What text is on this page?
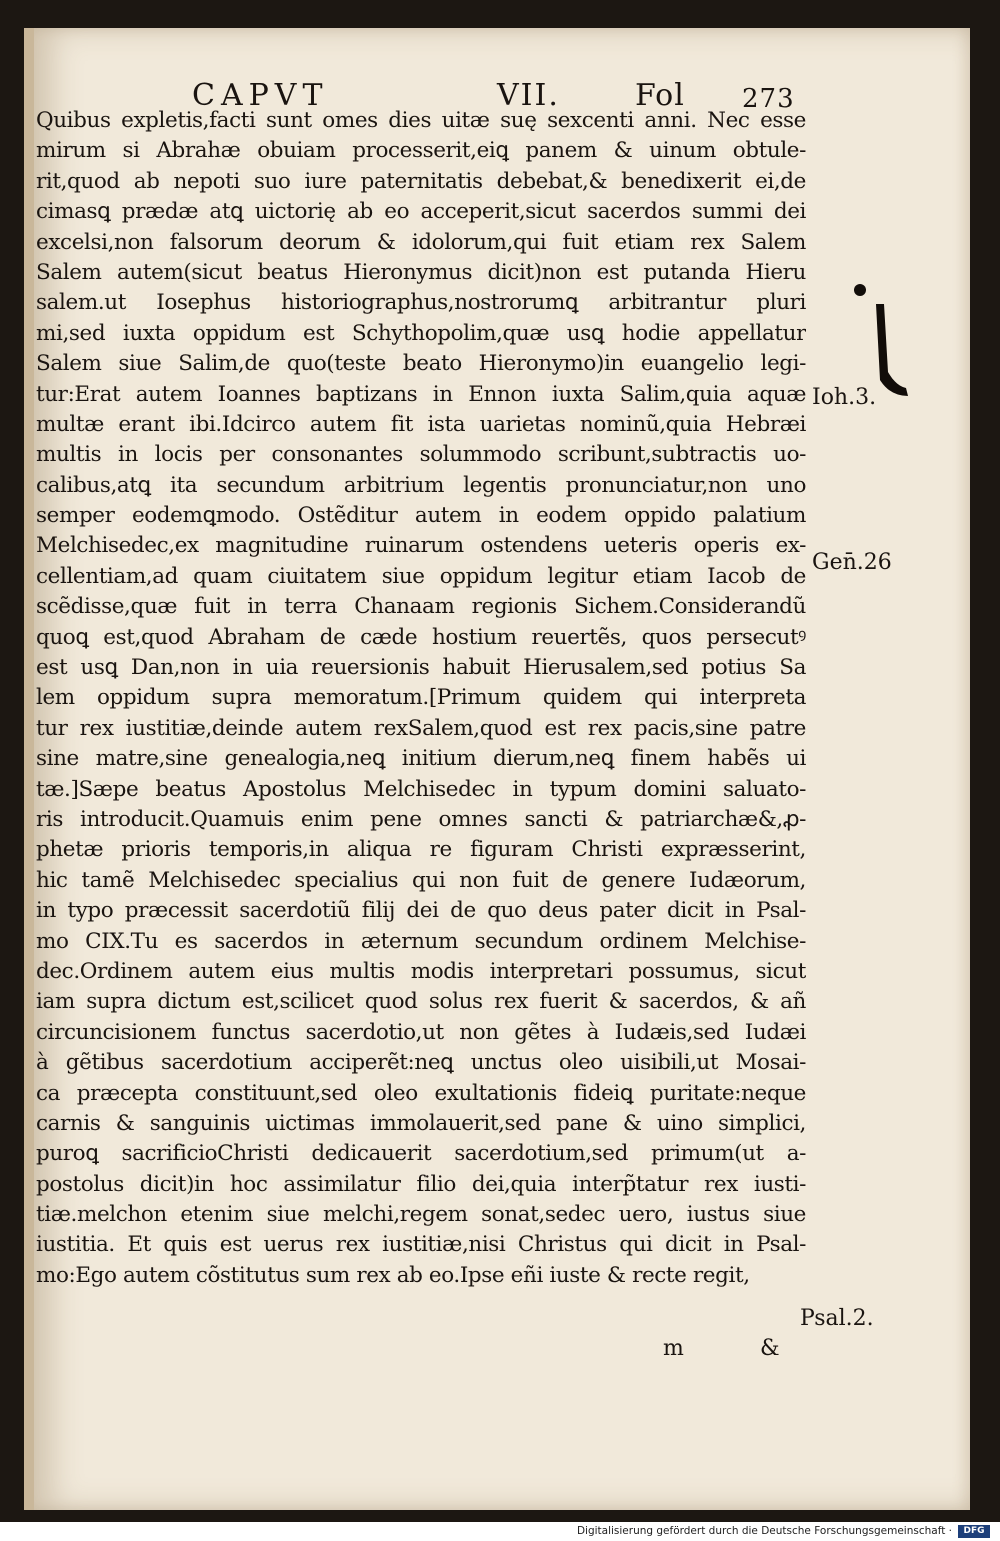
CAPVT	VII.	Fol 273
Quibus expletis,facti sunt omes dies uitæ suę sexcenti anni. Nec esse
mirum si Abrahæ obuiam processerit,eiꝗ panem & uinum obtule-
rit,quod ab nepoti suo iure paternitatis debebat,& benedixerit ei,de
cimasꝗ prædæ atꝗ uictorię ab eo acceperit,sicut sacerdos summi dei
excelsi,non falsorum deorum & idolorum,qui fuit etiam rex Salem
Salem autem(sicut beatus Hieronymus dicit)non est putanda Hieru
salem.ut Iosephus historiographus,nostrorumꝗ arbitrantur pluri
mi,sed iuxta oppidum est Schythopolim,quæ usꝗ hodie appellatur
Salem siue Salim,de quo(teste beato Hieronymo)in euangelio legi-
tur:Erat autem Ioannes baptizans in Ennon iuxta Salim,quia aquæ
multæ erant ibi.Idcirco autem fit ista uarietas nominũ,quia Hebræi
multis in locis per consonantes solummodo scribunt,subtractis uo-
calibus,atꝗ ita secundum arbitrium legentis pronunciatur,non uno
semper eodemꝗmodo. Ostẽditur autem in eodem oppido palatium
Melchisedec,ex magnitudine ruinarum ostendens ueteris operis ex-
cellentiam,ad quam ciuitatem siue oppidum legitur etiam Iacob de
scẽdisse,quæ fuit in terra Chanaam regionis Sichem.Considerandũ
quoꝗ est,quod Abraham de cæde hostium reuertẽs, quos persecutꝰ
est usꝗ Dan,non in uia reuersionis habuit Hierusalem,sed potius Sa
lem oppidum supra memoratum.[Primum quidem qui interpreta
tur rex iustitiæ,deinde autem rexSalem,quod est rex pacis,sine patre
sine matre,sine genealogia,neꝗ initium dierum,neꝗ finem habẽs ui
tæ.]Sæpe beatus Apostolus Melchisedec in typum domini saluato-
ris introducit.Quamuis enim pene omnes sancti & patriarchæ&,ꝓ-
phetæ prioris temporis,in aliqua re figuram Christi expræsserint,
hic tamẽ Melchisedec specialius qui non fuit de genere Iudæorum,
in typo præcessit sacerdotiũ filij dei de quo deus pater dicit in Psal-
mo CIX.Tu es sacerdos in æternum secundum ordinem Melchise-
dec.Ordinem autem eius multis modis interpretari possumus, sicut
iam supra dictum est,scilicet quod solus rex fuerit & sacerdos, & añ
circuncisionem functus sacerdotio,ut non gẽtes à Iudæis,sed Iudæi
à gẽtibus sacerdotium acciperẽt:neꝗ unctus oleo uisibili,ut Mosai-
ca præcepta constituunt,sed oleo exultationis fideiꝗ puritate:neque
carnis & sanguinis uictimas immolauerit,sed pane & uino simplici,
puroꝗ sacrificioChristi dedicauerit sacerdotium,sed primum(ut a-
postolus dicit)in hoc assimilatur filio dei,quia interp̃tatur rex iusti-
tiæ.melchon etenim siue melchi,regem sonat,sedec uero, iustus siue
iustitia. Et quis est uerus rex iustitiæ,nisi Christus qui dicit in Psal-
mo:Ego autem cõstitutus sum rex ab eo.Ipse eñi iuste & recte regit,
Ioh.3.
Gen̄.26
Psal.2.
m	&
Digitalisierung gefördert durch die Deutsche Forschungsgemeinschaft ·	DFG
